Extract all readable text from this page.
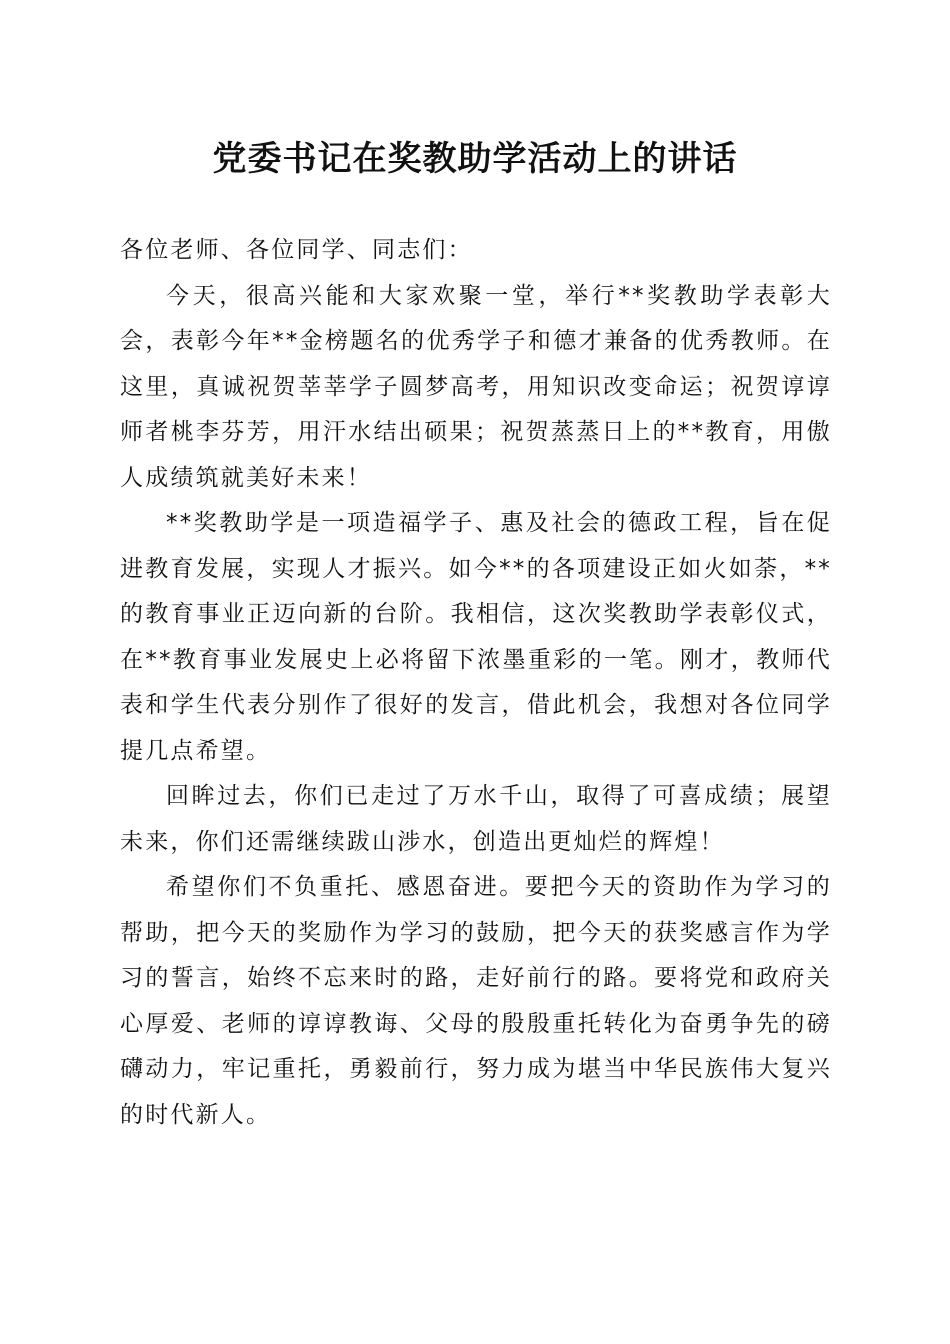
党委书记在奖教助学活动上的讲话

各位老师、各位同学、同志们：

今天，很高兴能和大家欢聚一堂，举行**奖教助学表彰大会，表彰今年**金榜题名的优秀学子和德才兼备的优秀教师。在这里，真诚祝贺莘莘学子圆梦高考，用知识改变命运；祝贺谆谆师者桃李芬芳，用汗水结出硕果；祝贺蒸蒸日上的**教育，用傲人成绩筑就美好未来！

**奖教助学是一项造福学子、惠及社会的德政工程，旨在促进教育发展，实现人才振兴。如今**的各项建设正如火如荼，**的教育事业正迈向新的台阶。我相信，这次奖教助学表彰仪式，在**教育事业发展史上必将留下浓墨重彩的一笔。刚才，教师代表和学生代表分别作了很好的发言，借此机会，我想对各位同学提几点希望。

回眸过去，你们已走过了万水千山，取得了可喜成绩；展望未来，你们还需继续跋山涉水，创造出更灿烂的辉煌！

希望你们不负重托、感恩奋进。要把今天的资助作为学习的帮助，把今天的奖励作为学习的鼓励，把今天的获奖感言作为学习的誓言，始终不忘来时的路，走好前行的路。要将党和政府关心厚爱、老师的谆谆教诲、父母的殷殷重托转化为奋勇争先的磅礴动力，牢记重托，勇毅前行，努力成为堪当中华民族伟大复兴的时代新人。
